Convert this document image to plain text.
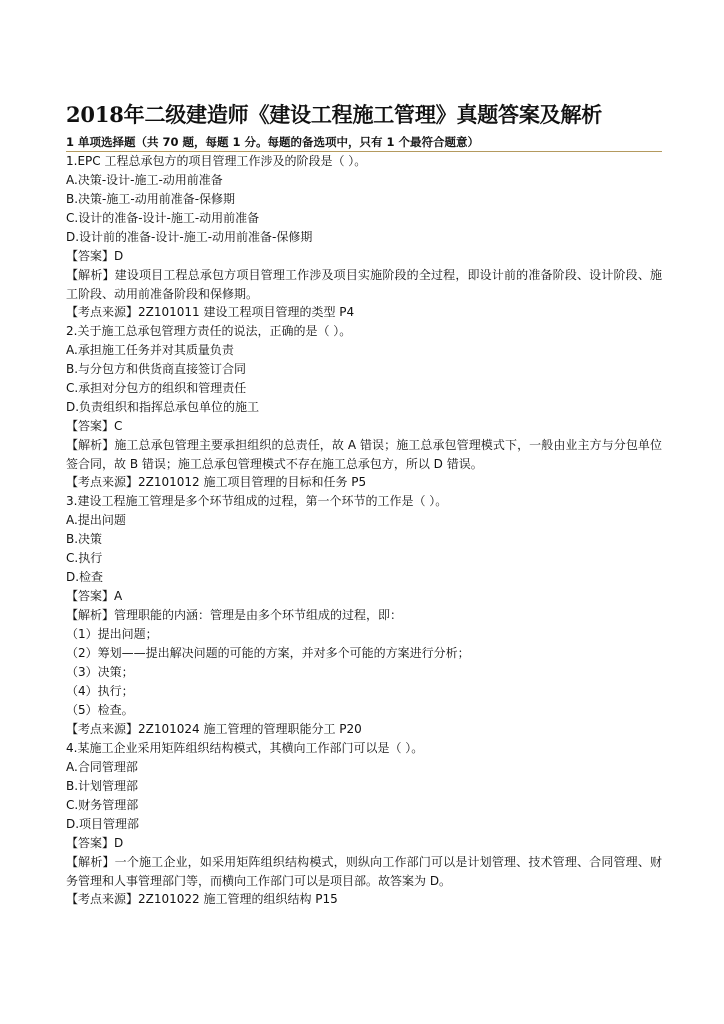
2018年二级建造师《建设工程施工管理》真题答案及解析
1 单项选择题（共 70 题，每题 1 分。每题的备选项中，只有 1 个最符合题意）
1.EPC 工程总承包方的项目管理工作涉及的阶段是（ ）。
A.决策-设计-施工-动用前准备
B.决策-施工-动用前准备-保修期
C.设计的准备-设计-施工-动用前准备
D.设计前的准备-设计-施工-动用前准备-保修期
【答案】D
【解析】建设项目工程总承包方项目管理工作涉及项目实施阶段的全过程，即设计前的准备阶段、设计阶段、施工阶段、动用前准备阶段和保修期。
【考点来源】2Z101011 建设工程项目管理的类型 P4
2.关于施工总承包管理方责任的说法，正确的是（ ）。
A.承担施工任务并对其质量负责
B.与分包方和供货商直接签订合同
C.承担对分包方的组织和管理责任
D.负责组织和指挥总承包单位的施工
【答案】C
【解析】施工总承包管理主要承担组织的总责任，故 A 错误；施工总承包管理模式下，一般由业主方与分包单位签合同，故 B 错误；施工总承包管理模式不存在施工总承包方，所以 D 错误。
【考点来源】2Z101012 施工项目管理的目标和任务 P5
3.建设工程施工管理是多个环节组成的过程，第一个环节的工作是（ ）。
A.提出问题
B.决策
C.执行
D.检查
【答案】A
【解析】管理职能的内涵：管理是由多个环节组成的过程，即：
（1）提出问题；
（2）筹划——提出解决问题的可能的方案，并对多个可能的方案进行分析；
（3）决策；
（4）执行；
（5）检查。
【考点来源】2Z101024 施工管理的管理职能分工 P20
4.某施工企业采用矩阵组织结构模式，其横向工作部门可以是（ ）。
A.合同管理部
B.计划管理部
C.财务管理部
D.项目管理部
【答案】D
【解析】一个施工企业，如采用矩阵组织结构模式，则纵向工作部门可以是计划管理、技术管理、合同管理、财务管理和人事管理部门等，而横向工作部门可以是项目部。故答案为 D。
【考点来源】2Z101022 施工管理的组织结构 P15
